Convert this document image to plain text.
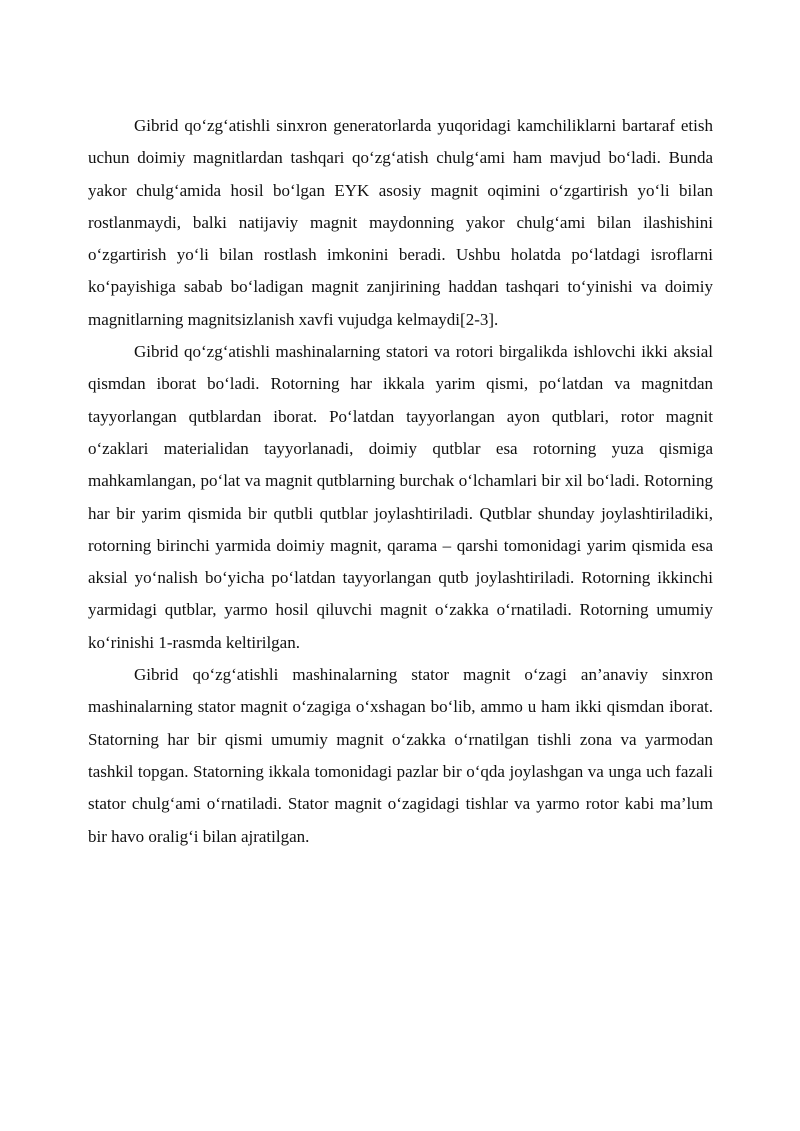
Gibrid qo‘zg‘atishli sinxron generatorlarda yuqoridagi kamchiliklarni bartaraf etish uchun doimiy magnitlardan tashqari qo‘zg‘atish chulg‘ami ham mavjud bo‘ladi. Bunda yakor chulg‘amida hosil bo‘lgan EYK asosiy magnit oqimini o‘zgartirish yo‘li bilan rostlanmaydi, balki natijaviy magnit maydonning yakor chulg‘ami bilan ilashishini o‘zgartirish yo‘li bilan rostlash imkonini beradi. Ushbu holatda po‘latdagi isroflarni ko‘payishiga sabab bo‘ladigan magnit zanjirining haddan tashqari to‘yinishi va doimiy magnitlarning magnitsizlanish xavfi vujudga kelmaydi[2-3].

Gibrid qo‘zg‘atishli mashinalarning statori va rotori birgalikda ishlovchi ikki aksial qismdan iborat bo‘ladi. Rotorning har ikkala yarim qismi, po‘latdan va magnitdan tayyorlangan qutblardan iborat. Po‘latdan tayyorlangan ayon qutblari, rotor magnit o‘zaklari materialidan tayyorlanadi, doimiy qutblar esa rotorning yuza qismiga mahkamlangan, po‘lat va magnit qutblarning burchak o‘lchamlari bir xil bo‘ladi. Rotorning har bir yarim qismida bir qutbli qutblar joylashtiriladi. Qutblar shunday joylashtiriladiki, rotorning birinchi yarmida doimiy magnit, qarama – qarshi tomonidagi yarim qismida esa aksial yo‘nalish bo‘yicha po‘latdan tayyorlangan qutb joylashtiriladi. Rotorning ikkinchi yarmidagi qutblar, yarmo hosil qiluvchi magnit o‘zakka o‘rnatiladi. Rotorning umumiy ko‘rinishi 1-rasmda keltirilgan.

Gibrid qo‘zg‘atishli mashinalarning stator magnit o‘zagi an’anaviy sinxron mashinalarning stator magnit o‘zagiga o‘xshagan bo‘lib, ammo u ham ikki qismdan iborat. Statorning har bir qismi umumiy magnit o‘zakka o‘rnatilgan tishli zona va yarmodan tashkil topgan. Statorning ikkala tomonidagi pazlar bir o‘qda joylashgan va unga uch fazali stator chulg‘ami o‘rnatiladi. Stator magnit o‘zagidagi tishlar va yarmo rotor kabi ma’lum bir havo oralig‘i bilan ajratilgan.
